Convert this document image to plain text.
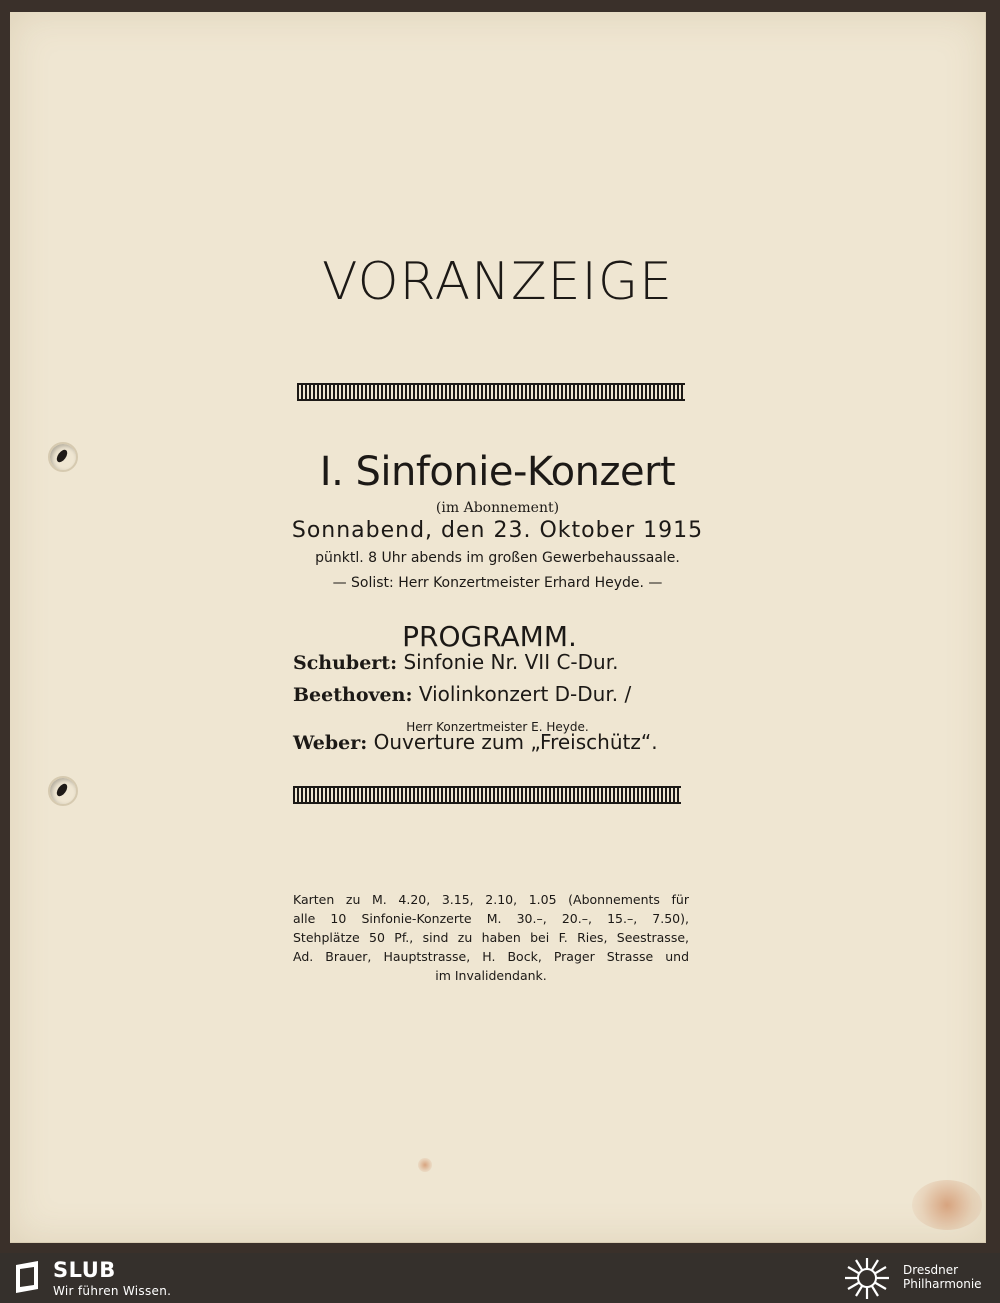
VORANZEIGE
I. Sinfonie-Konzert
(im Abonnement)
Sonnabend, den 23. Oktober 1915
pünktl. 8 Uhr abends im großen Gewerbehaussaale.
— Solist: Herr Konzertmeister Erhard Heyde. —
PROGRAMM.
Schubert: Sinfonie Nr. VII C-Dur.
Beethoven: Violinkonzert D-Dur. /
Herr Konzertmeister E. Heyde.
Weber: Ouverture zum „Freischütz“.
Karten zu M. 4.20, 3.15, 2.10, 1.05 (Abonnements für
alle 10 Sinfonie-Konzerte M. 30.–, 20.–, 15.–, 7.50),
Stehplätze 50 Pf., sind zu haben bei F. Ries, Seestrasse,
Ad. Brauer, Hauptstrasse, H. Bock, Prager Strasse und
im Invalidendank.
SLUB
Wir führen Wissen.
Dresdner
Philharmonie
